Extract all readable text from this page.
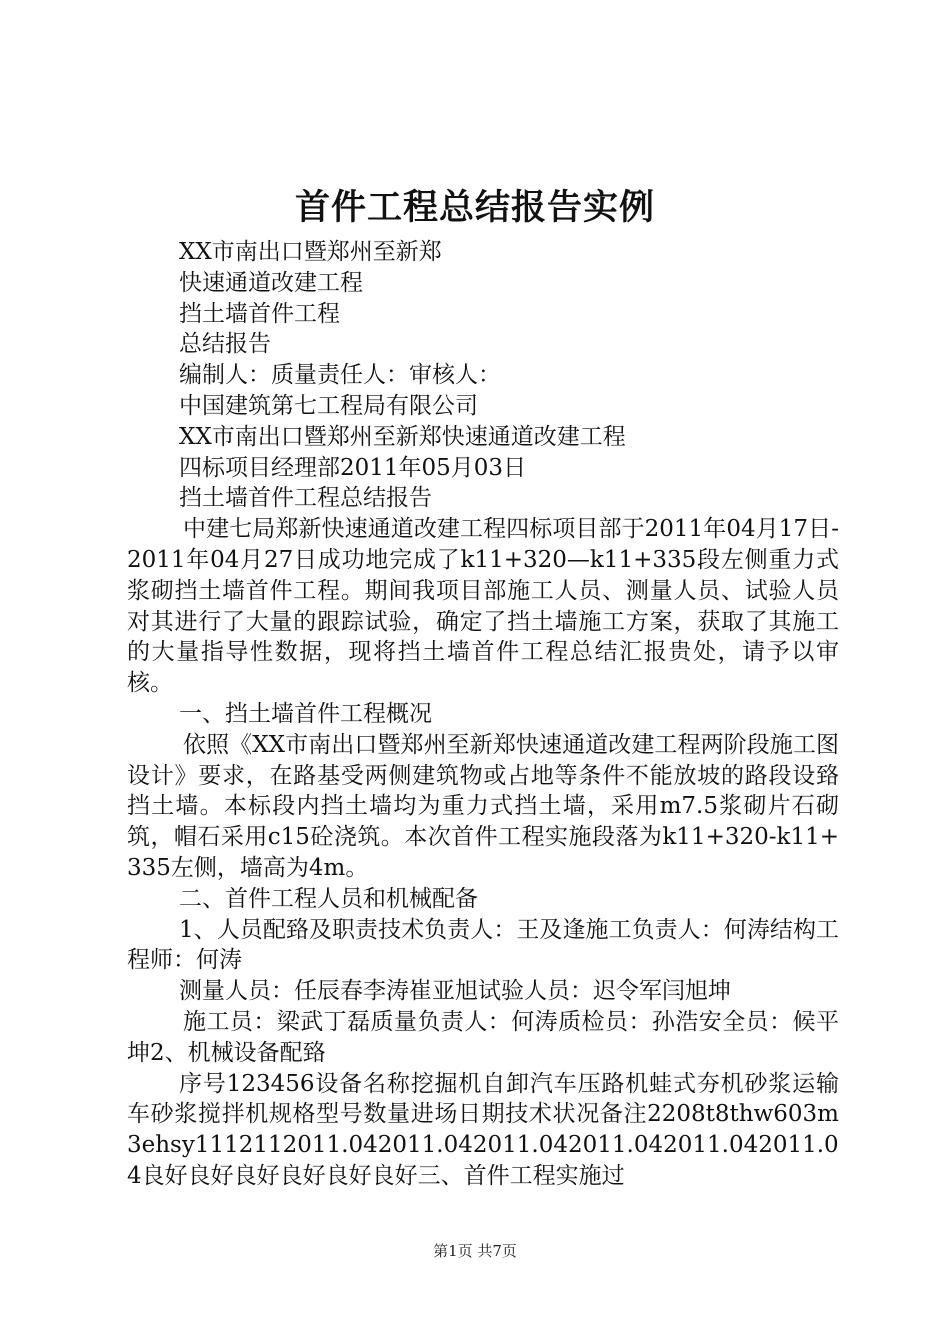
首件工程总结报告实例

XX市南出口暨郑州至新郑

快速通道改建工程

挡土墙首件工程

总结报告

编制人：质量责任人：审核人：

中国建筑第七工程局有限公司

XX市南出口暨郑州至新郑快速通道改建工程

四标项目经理部2011年05月03日

挡土墙首件工程总结报告

中建七局郑新快速通道改建工程四标项目部于2011年04月17日-2011年04月27日成功地完成了k11+320—k11+335段左侧重力式浆砌挡土墙首件工程。期间我项目部施工人员、测量人员、试验人员对其进行了大量的跟踪试验，确定了挡土墙施工方案，获取了其施工的大量指导性数据，现将挡土墙首件工程总结汇报贵处，请予以审核。

一、挡土墙首件工程概况

依照《XX市南出口暨郑州至新郑快速通道改建工程两阶段施工图设计》要求，在路基受两侧建筑物或占地等条件不能放坡的路段设臵挡土墙。本标段内挡土墙均为重力式挡土墙，采用m7.5浆砌片石砌筑，帽石采用c15砼浇筑。本次首件工程实施段落为k11+320-k11+335左侧，墙高为4m。

二、首件工程人员和机械配备

1、人员配臵及职责技术负责人：王及逢施工负责人：何涛结构工程师：何涛

测量人员：任辰春李涛崔亚旭试验人员：迟令军闫旭坤

施工员：梁武丁磊质量负责人：何涛质检员：孙浩安全员：候平坤2、机械设备配臵

序号123456设备名称挖掘机自卸汽车压路机蛙式夯机砂浆运输车砂浆搅拌机规格型号数量进场日期技术状况备注2208t8thw603m3ehsy1112112011.042011.042011.042011.042011.042011.04良好良好良好良好良好良好三、首件工程实施过

第1页 共7页
